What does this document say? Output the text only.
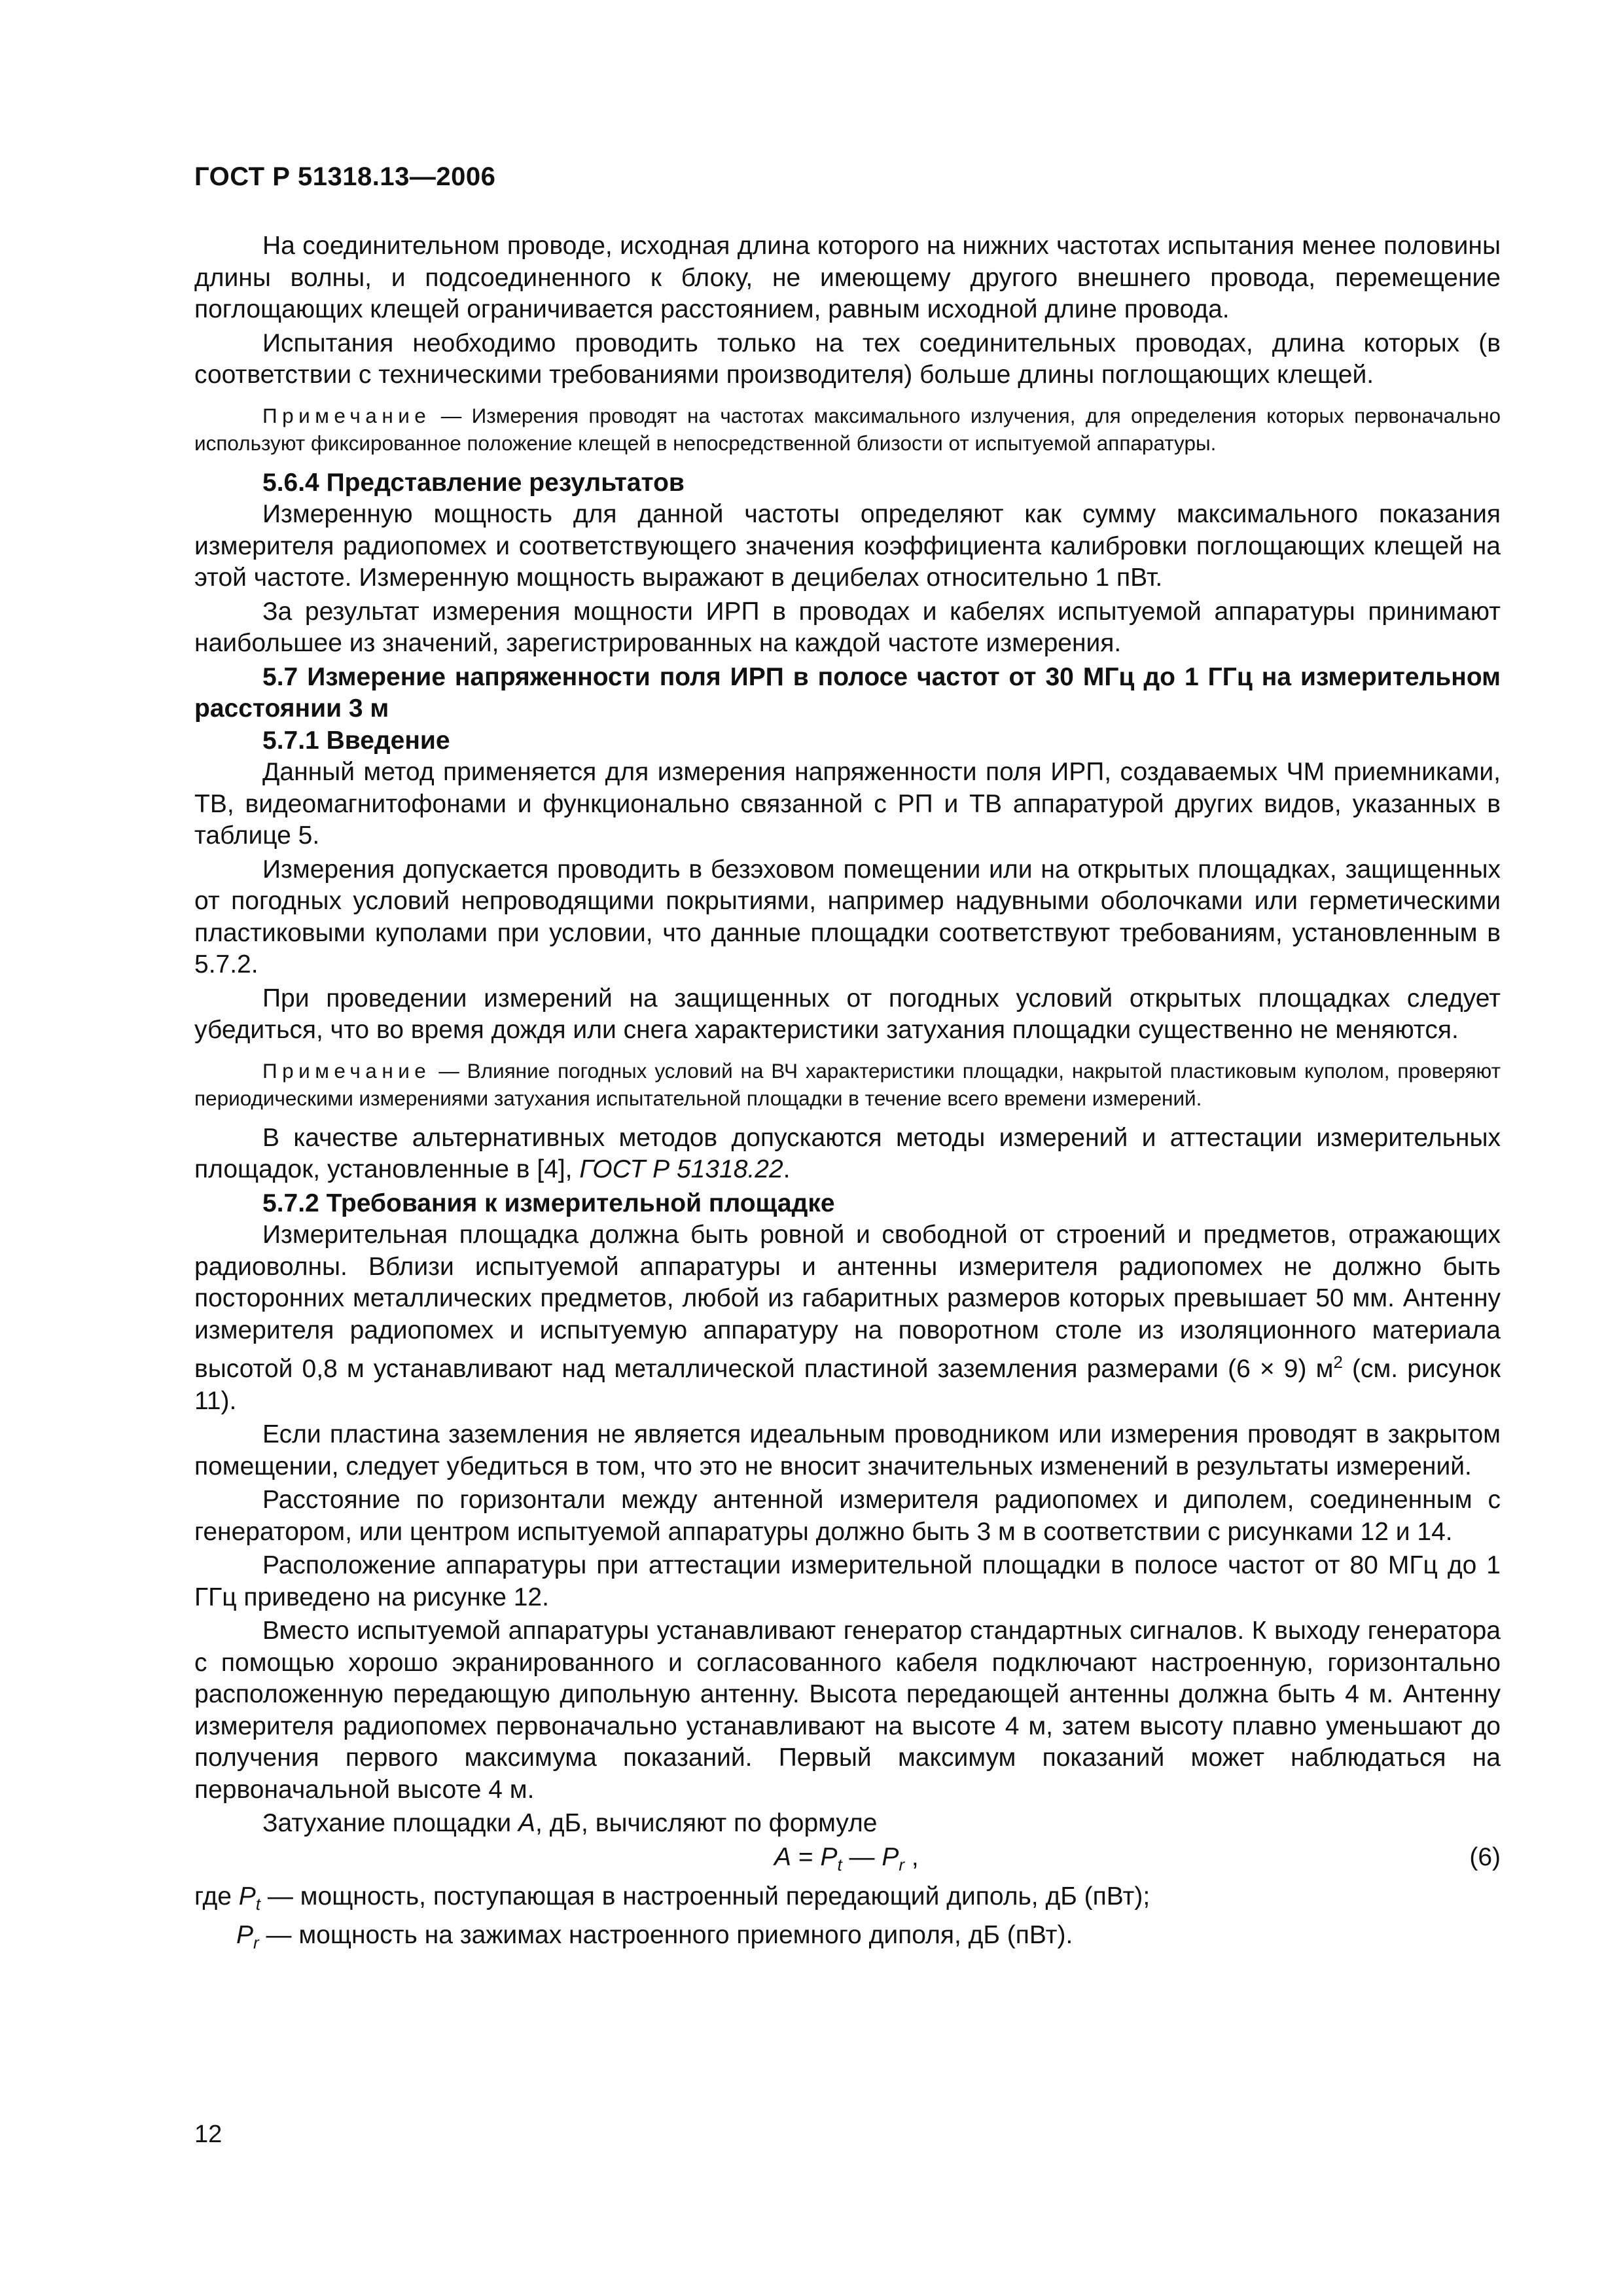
ГОСТ Р 51318.13—2006

На соединительном проводе, исходная длина которого на нижних частотах испытания менее половины длины волны, и подсоединенного к блоку, не имеющему другого внешнего провода, перемещение поглощающих клещей ограничивается расстоянием, равным исходной длине провода.

Испытания необходимо проводить только на тех соединительных проводах, длина которых (в соответствии с техническими требованиями производителя) больше длины поглощающих клещей.

Примечание — Измерения проводят на частотах максимального излучения, для определения которых первоначально используют фиксированное положение клещей в непосредственной близости от испытуемой аппаратуры.

5.6.4 Представление результатов

Измеренную мощность для данной частоты определяют как сумму максимального показания измерителя радиопомех и соответствующего значения коэффициента калибровки поглощающих клещей на этой частоте. Измеренную мощность выражают в децибелах относительно 1 пВт.

За результат измерения мощности ИРП в проводах и кабелях испытуемой аппаратуры принимают наибольшее из значений, зарегистрированных на каждой частоте измерения.

5.7 Измерение напряженности поля ИРП в полосе частот от 30 МГц до 1 ГГц на измерительном расстоянии 3 м

5.7.1 Введение

Данный метод применяется для измерения напряженности поля ИРП, создаваемых ЧМ приемниками, ТВ, видеомагнитофонами и функционально связанной с РП и ТВ аппаратурой других видов, указанных в таблице 5.

Измерения допускается проводить в безэховом помещении или на открытых площадках, защищенных от погодных условий непроводящими покрытиями, например надувными оболочками или герметическими пластиковыми куполами при условии, что данные площадки соответствуют требованиям, установленным в 5.7.2.

При проведении измерений на защищенных от погодных условий открытых площадках следует убедиться, что во время дождя или снега характеристики затухания площадки существенно не меняются.

Примечание — Влияние погодных условий на ВЧ характеристики площадки, накрытой пластиковым куполом, проверяют периодическими измерениями затухания испытательной площадки в течение всего времени измерений.

В качестве альтернативных методов допускаются методы измерений и аттестации измерительных площадок, установленные в [4], ГОСТ Р 51318.22.

5.7.2 Требования к измерительной площадке

Измерительная площадка должна быть ровной и свободной от строений и предметов, отражающих радиоволны. Вблизи испытуемой аппаратуры и антенны измерителя радиопомех не должно быть посторонних металлических предметов, любой из габаритных размеров которых превышает 50 мм. Антенну измерителя радиопомех и испытуемую аппаратуру на поворотном столе из изоляционного материала высотой 0,8 м устанавливают над металлической пластиной заземления размерами (6 × 9) $м^2$ (см. рисунок 11).

Если пластина заземления не является идеальным проводником или измерения проводят в закрытом помещении, следует убедиться в том, что это не вносит значительных изменений в результаты измерений.

Расстояние по горизонтали между антенной измерителя радиопомех и диполем, соединенным с генератором, или центром испытуемой аппаратуры должно быть 3 м в соответствии с рисунками 12 и 14.

Расположение аппаратуры при аттестации измерительной площадки в полосе частот от 80 МГц до 1 ГГц приведено на рисунке 12.

Вместо испытуемой аппаратуры устанавливают генератор стандартных сигналов. К выходу генератора с помощью хорошо экранированного и согласованного кабеля подключают настроенную, горизонтально расположенную передающую дипольную антенну. Высота передающей антенны должна быть 4 м. Антенну измерителя радиопомех первоначально устанавливают на высоте 4 м, затем высоту плавно уменьшают до получения первого максимума показаний. Первый максимум показаний может наблюдаться на первоначальной высоте 4 м.

Затухание площадки A, дБ, вычисляют по формуле

$A = P_t$ — $P_r$ ,	(6)

где $P_t$ — мощность, поступающая в настроенный передающий диполь, дБ (пВт);

$P_r$ — мощность на зажимах настроенного приемного диполя, дБ (пВт).

12
